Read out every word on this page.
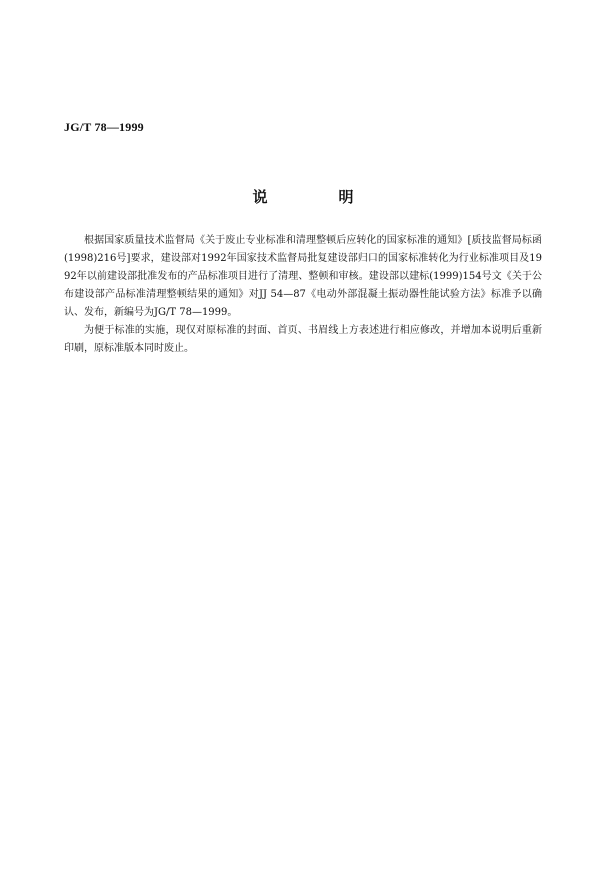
JG/T 78—1999
说　明

根据国家质量技术监督局《关于废止专业标准和清理整顿后应转化的国家标准的通知》[质技监督局标函(1998)216号]要求，建设部对1992年国家技术监督局批复建设部归口的国家标准转化为行业标准项目及1992年以前建设部批准发布的产品标准项目进行了清理、整顿和审核。建设部以建标(1999)154号文《关于公布建设部产品标准清理整顿结果的通知》对JJ 54—87《电动外部混凝土振动器性能试验方法》标准予以确认、发布，新编号为JG/T 78—1999。

为便于标准的实施，现仅对原标准的封面、首页、书眉线上方表述进行相应修改，并增加本说明后重新印刷，原标准版本同时废止。
